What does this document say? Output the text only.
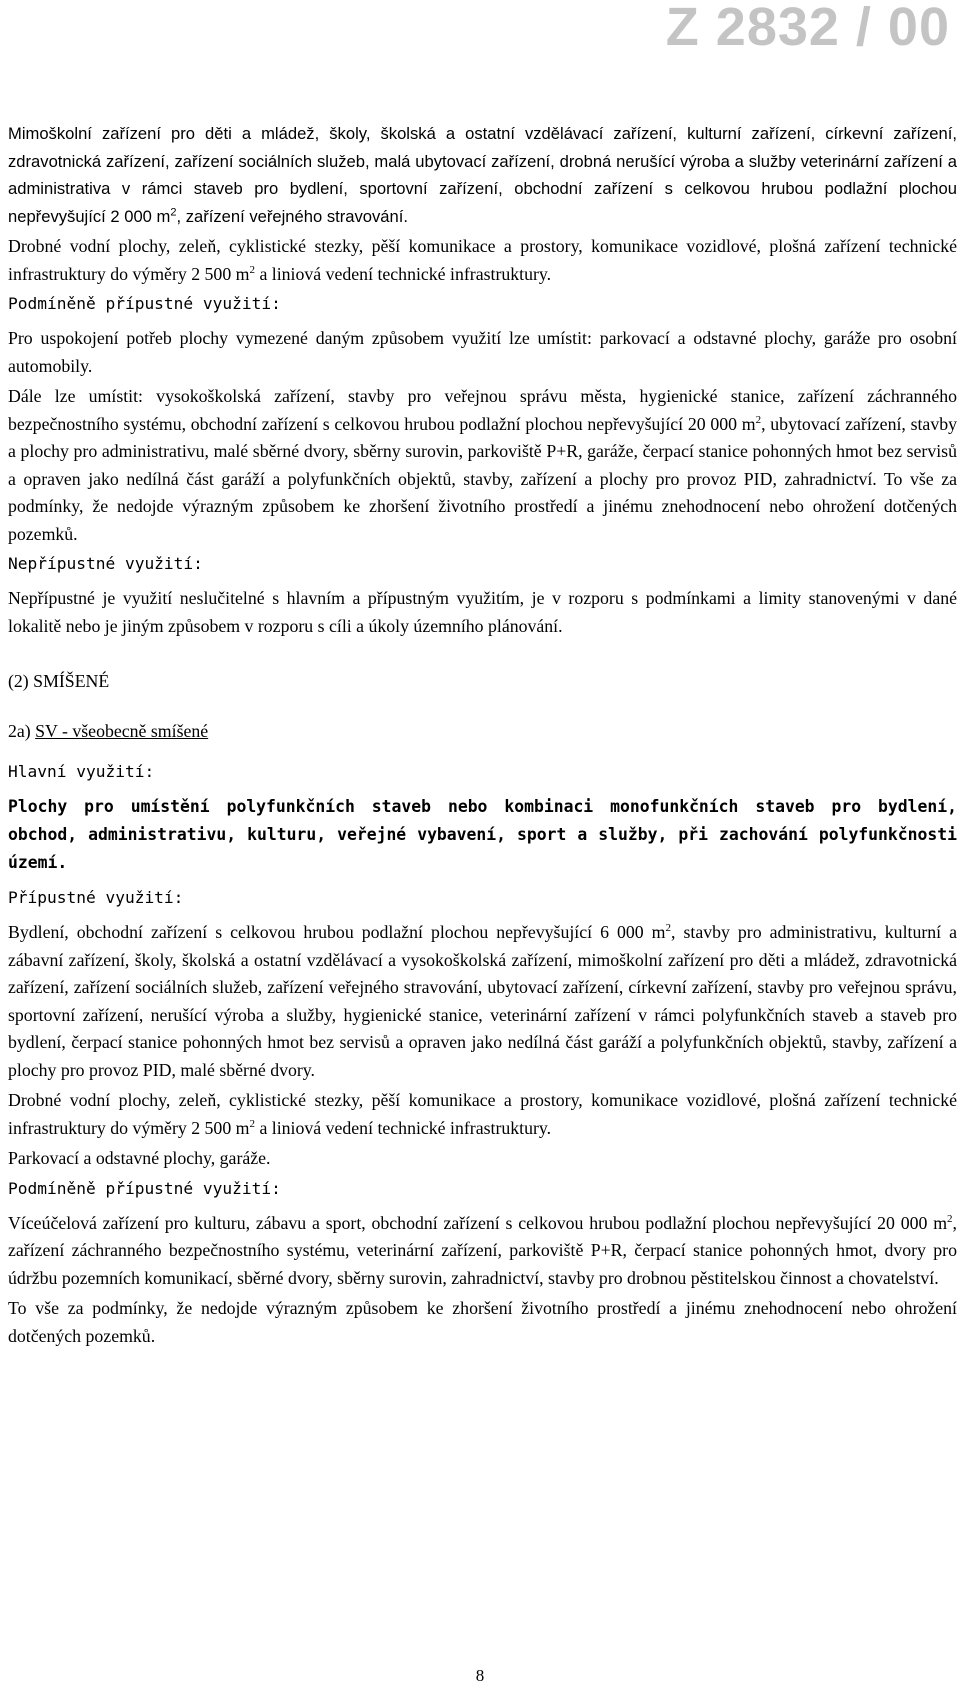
Z 2832 / 00

Mimoškolní zařízení pro děti a mládež, školy, školská a ostatní vzdělávací zařízení, kulturní zařízení, církevní zařízení, zdravotnická zařízení, zařízení sociálních služeb, malá ubytovací zařízení, drobná nerušící výroba a služby veterinární zařízení a administrativa v rámci staveb pro bydlení, sportovní zařízení, obchodní zařízení s celkovou hrubou podlažní plochou nepřevyšující 2 000 $m^2$, zařízení veřejného stravování.

Drobné vodní plochy, zeleň, cyklistické stezky, pěší komunikace a prostory, komunikace vozidlové, plošná zařízení technické infrastruktury do výměry 2 500 $m^2$ a liniová vedení technické infrastruktury.

Podmíněně přípustné využití:

Pro uspokojení potřeb plochy vymezené daným způsobem využití lze umístit: parkovací a odstavné plochy, garáže pro osobní automobily.

Dále lze umístit: vysokoškolská zařízení, stavby pro veřejnou správu města, hygienické stanice, zařízení záchranného bezpečnostního systému, obchodní zařízení s celkovou hrubou podlažní plochou nepřevyšující 20 000 $m^2$, ubytovací zařízení, stavby a plochy pro administrativu, malé sběrné dvory, sběrny surovin, parkoviště P+R, garáže, čerpací stanice pohonných hmot bez servisů a opraven jako nedílná část garáží a polyfunkčních objektů, stavby, zařízení a plochy pro provoz PID, zahradnictví. To vše za podmínky, že nedojde výrazným způsobem ke zhoršení životního prostředí a jinému znehodnocení nebo ohrožení dotčených pozemků.

Nepřípustné využití:

Nepřípustné je využití neslučitelné s hlavním a přípustným využitím, je v rozporu s podmínkami a limity stanovenými v dané lokalitě nebo je jiným způsobem v rozporu s cíli a úkoly územního plánování.

(2) SMÍŠENÉ

2a) SV - všeobecně smíšené

Hlavní využití:

Plochy pro umístění polyfunkčních staveb nebo kombinaci monofunkčních staveb pro bydlení, obchod, administrativu, kulturu, veřejné vybavení, sport a služby, při zachování polyfunkčnosti území.

Přípustné využití:

Bydlení, obchodní zařízení s celkovou hrubou podlažní plochou nepřevyšující 6 000 $m^2$, stavby pro administrativu, kulturní a zábavní zařízení, školy, školská a ostatní vzdělávací a vysokoškolská zařízení, mimoškolní zařízení pro děti a mládež, zdravotnická zařízení, zařízení sociálních služeb, zařízení veřejného stravování, ubytovací zařízení, církevní zařízení, stavby pro veřejnou správu, sportovní zařízení, nerušící výroba a služby, hygienické stanice, veterinární zařízení v rámci polyfunkčních staveb a staveb pro bydlení, čerpací stanice pohonných hmot bez servisů a opraven jako nedílná část garáží a polyfunkčních objektů, stavby, zařízení a plochy pro provoz PID, malé sběrné dvory.

Drobné vodní plochy, zeleň, cyklistické stezky, pěší komunikace a prostory, komunikace vozidlové, plošná zařízení technické infrastruktury do výměry 2 500 $m^2$ a liniová vedení technické infrastruktury.

Parkovací a odstavné plochy, garáže.

Podmíněně přípustné využití:

Víceúčelová zařízení pro kulturu, zábavu a sport, obchodní zařízení s celkovou hrubou podlažní plochou nepřevyšující 20 000 $m^2$, zařízení záchranného bezpečnostního systému, veterinární zařízení, parkoviště P+R, čerpací stanice pohonných hmot, dvory pro údržbu pozemních komunikací, sběrné dvory, sběrny surovin, zahradnictví, stavby pro drobnou pěstitelskou činnost a chovatelství.

To vše za podmínky, že nedojde výrazným způsobem ke zhoršení životního prostředí a jinému znehodnocení nebo ohrožení dotčených pozemků.

8
